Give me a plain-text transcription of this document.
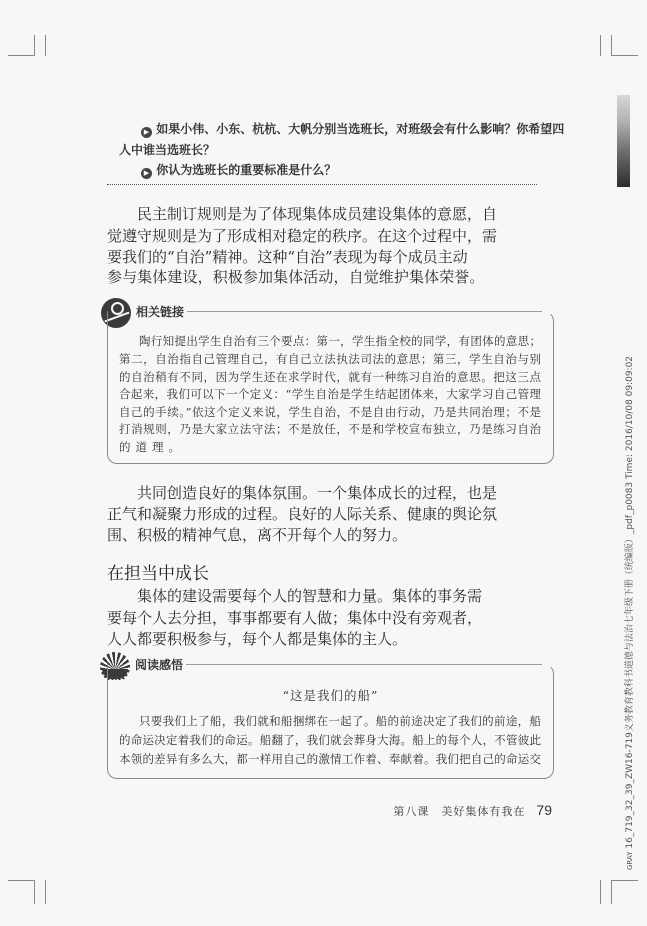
GRAY 16_719_32_39_ZW16-719义务教育教科书道德与法治七年级下册（统编版）_pdf_p0083 Time: 2016/10/08 09:09:02
▶ 如果小伟、小东、杭杭、大帆分别当选班长，对班级会有什么影响？你希望四
人中谁当选班长？
▶ 你认为选班长的重要标准是什么？
民主制订规则是为了体现集体成员建设集体的意愿，自
觉遵守规则是为了形成相对稳定的秩序。在这个过程中，需
要我们的“自治”精神。这种“自治”表现为每个成员主动
参与集体建设，积极参加集体活动，自觉维护集体荣誉。
相关链接
陶行知提出学生自治有三个要点：第一，学生指全校的同学，有团体的意思；
第二，自治指自己管理自己，有自己立法执法司法的意思；第三，学生自治与别
的自治稍有不同，因为学生还在求学时代，就有一种练习自治的意思。把这三点
合起来，我们可以下一个定义：“学生自治是学生结起团体来，大家学习自己管理
自己的手续。”依这个定义来说，学生自治，不是自由行动，乃是共同治理；不是
打消规则，乃是大家立法守法；不是放任，不是和学校宣布独立，乃是练习自治
的道理。
共同创造良好的集体氛围。一个集体成长的过程，也是
正气和凝聚力形成的过程。良好的人际关系、健康的舆论氛
围、积极的精神气息，离不开每个人的努力。
在担当中成长
集体的建设需要每个人的智慧和力量。集体的事务需
要每个人去分担，事事都要有人做；集体中没有旁观者，
人人都要积极参与，每个人都是集体的主人。
阅读感悟
“这是我们的船”
只要我们上了船，我们就和船捆绑在一起了。船的前途决定了我们的前途，船
的命运决定着我们的命运。船翻了，我们就会葬身大海。船上的每个人，不管彼此
本领的差异有多么大，都一样用自己的激情工作着、奉献着。我们把自己的命运交
第八课　美好集体有我在 79
